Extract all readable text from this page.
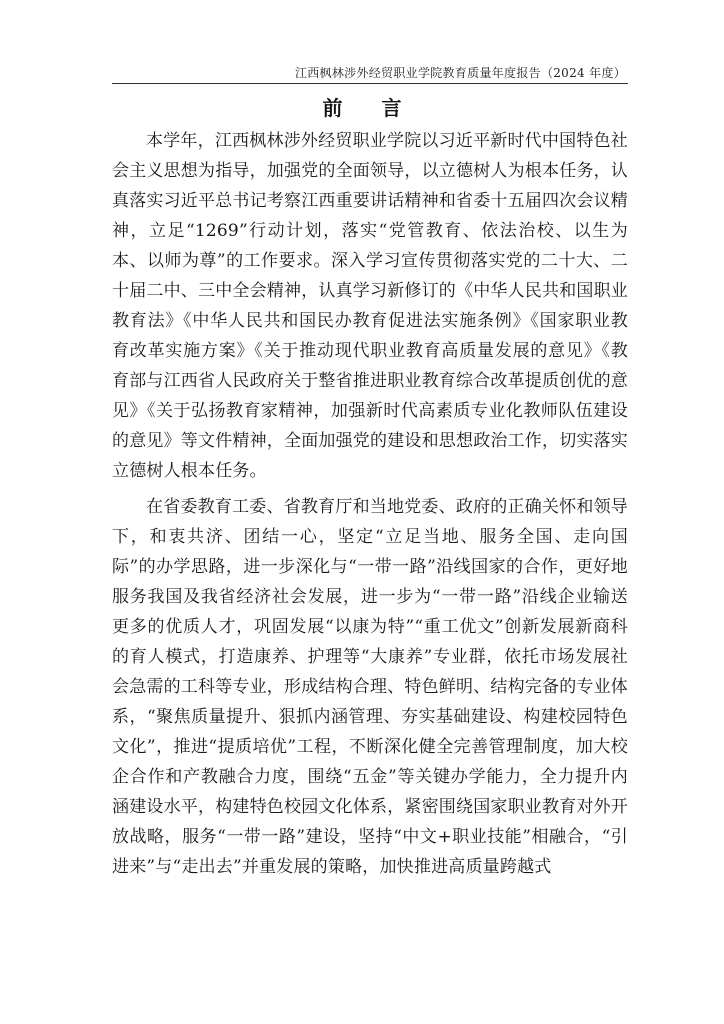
江西枫林涉外经贸职业学院教育质量年度报告（2024 年度）
前 言

本学年，江西枫林涉外经贸职业学院以习近平新时代中国特色社会主义思想为指导，加强党的全面领导，以立德树人为根本任务，认真落实习近平总书记考察江西重要讲话精神和省委十五届四次会议精神，立足“1269”行动计划，落实“党管教育、依法治校、以生为本、以师为尊”的工作要求。深入学习宣传贯彻落实党的二十大、二十届二中、三中全会精神，认真学习新修订的《中华人民共和国职业教育法》《中华人民共和国民办教育促进法实施条例》《国家职业教育改革实施方案》《关于推动现代职业教育高质量发展的意见》《教育部与江西省人民政府关于整省推进职业教育综合改革提质创优的意见》《关于弘扬教育家精神，加强新时代高素质专业化教师队伍建设的意见》等文件精神，全面加强党的建设和思想政治工作，切实落实立德树人根本任务。

在省委教育工委、省教育厅和当地党委、政府的正确关怀和领导下，和衷共济、团结一心，坚定“立足当地、服务全国、走向国际”的办学思路，进一步深化与“一带一路”沿线国家的合作，更好地服务我国及我省经济社会发展，进一步为“一带一路”沿线企业输送更多的优质人才，巩固发展“以康为特”“重工优文”创新发展新商科的育人模式，打造康养、护理等“大康养”专业群，依托市场发展社会急需的工科等专业，形成结构合理、特色鲜明、结构完备的专业体系，“聚焦质量提升、狠抓内涵管理、夯实基础建设、构建校园特色文化”，推进“提质培优”工程，不断深化健全完善管理制度，加大校企合作和产教融合力度，围绕“五金”等关键办学能力，全力提升内涵建设水平，构建特色校园文化体系，紧密围绕国家职业教育对外开放战略，服务“一带一路”建设，坚持“中文+职业技能”相融合，“引进来”与“走出去”并重发展的策略，加快推进高质量跨越式
